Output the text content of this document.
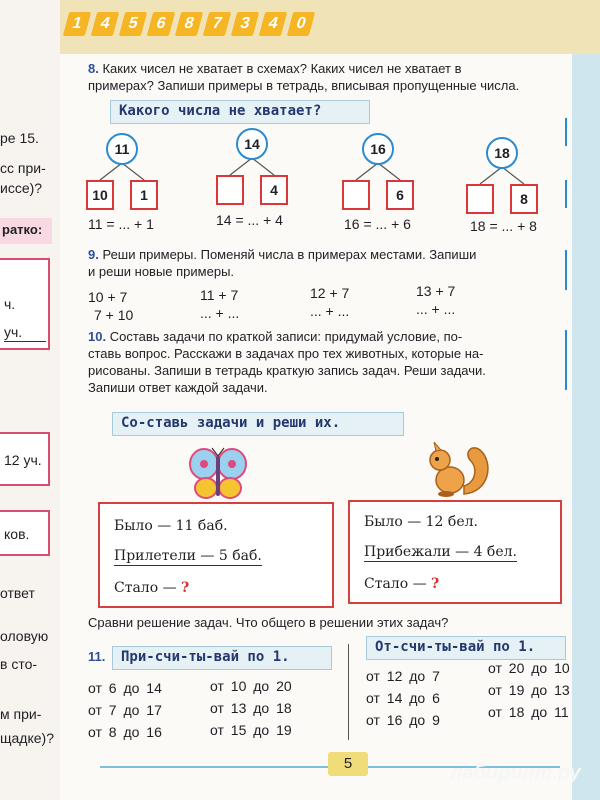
ре 15.
сс при-
иссе)?
ратко:
ч.
уч.
12 уч.
ков.
ответ
оловую
в сто-
м при-
щадке)?
1 4 5 6 8 7 3 4 0
8. Каких чисел не хватает в схемах? Каких чисел не хватает в
примерах? Запиши примеры в тетрадь, вписывая пропущенные числа.
Какого числа не хватает?
11
10	1
11 = ... + 1
14
4
14 = ... + 4
16
6
16 = ... + 6
18
8
18 = ... + 8
9. Реши примеры. Поменяй числа в примерах местами. Запиши
и реши новые примеры.
10 + 7
7 + 10
11 + 7
... + ...
12 + 7
... + ...
13 + 7
... + ...
10. Составь задачи по краткой записи: придумай условие, по-
ставь вопрос. Расскажи в задачах про тех животных, которые на-
рисованы. Запиши в тетрадь краткую запись задач. Реши задачи.
Запиши ответ каждой задачи.
Со-ставь задачи и реши их.
Было — 11 баб.
Прилетели — 5 баб.
Стало — ?
Было — 12 бел.
Прибежали — 4 бел.
Стало — ?
Сравни решение задач. Что общего в решении этих задач?
11.	При-счи-ты-вай по 1.
От-счи-ты-вай по 1.
от 6 до 14
от 7 до 17
от 8 до 16
от 10 до 20
от 13 до 18
от 15 до 19
от 12 до 7
от 14 до 6
от 16 до 9
от 20 до 10
от 19 до 13
от 18 до 11
5	лабиринт.ру
